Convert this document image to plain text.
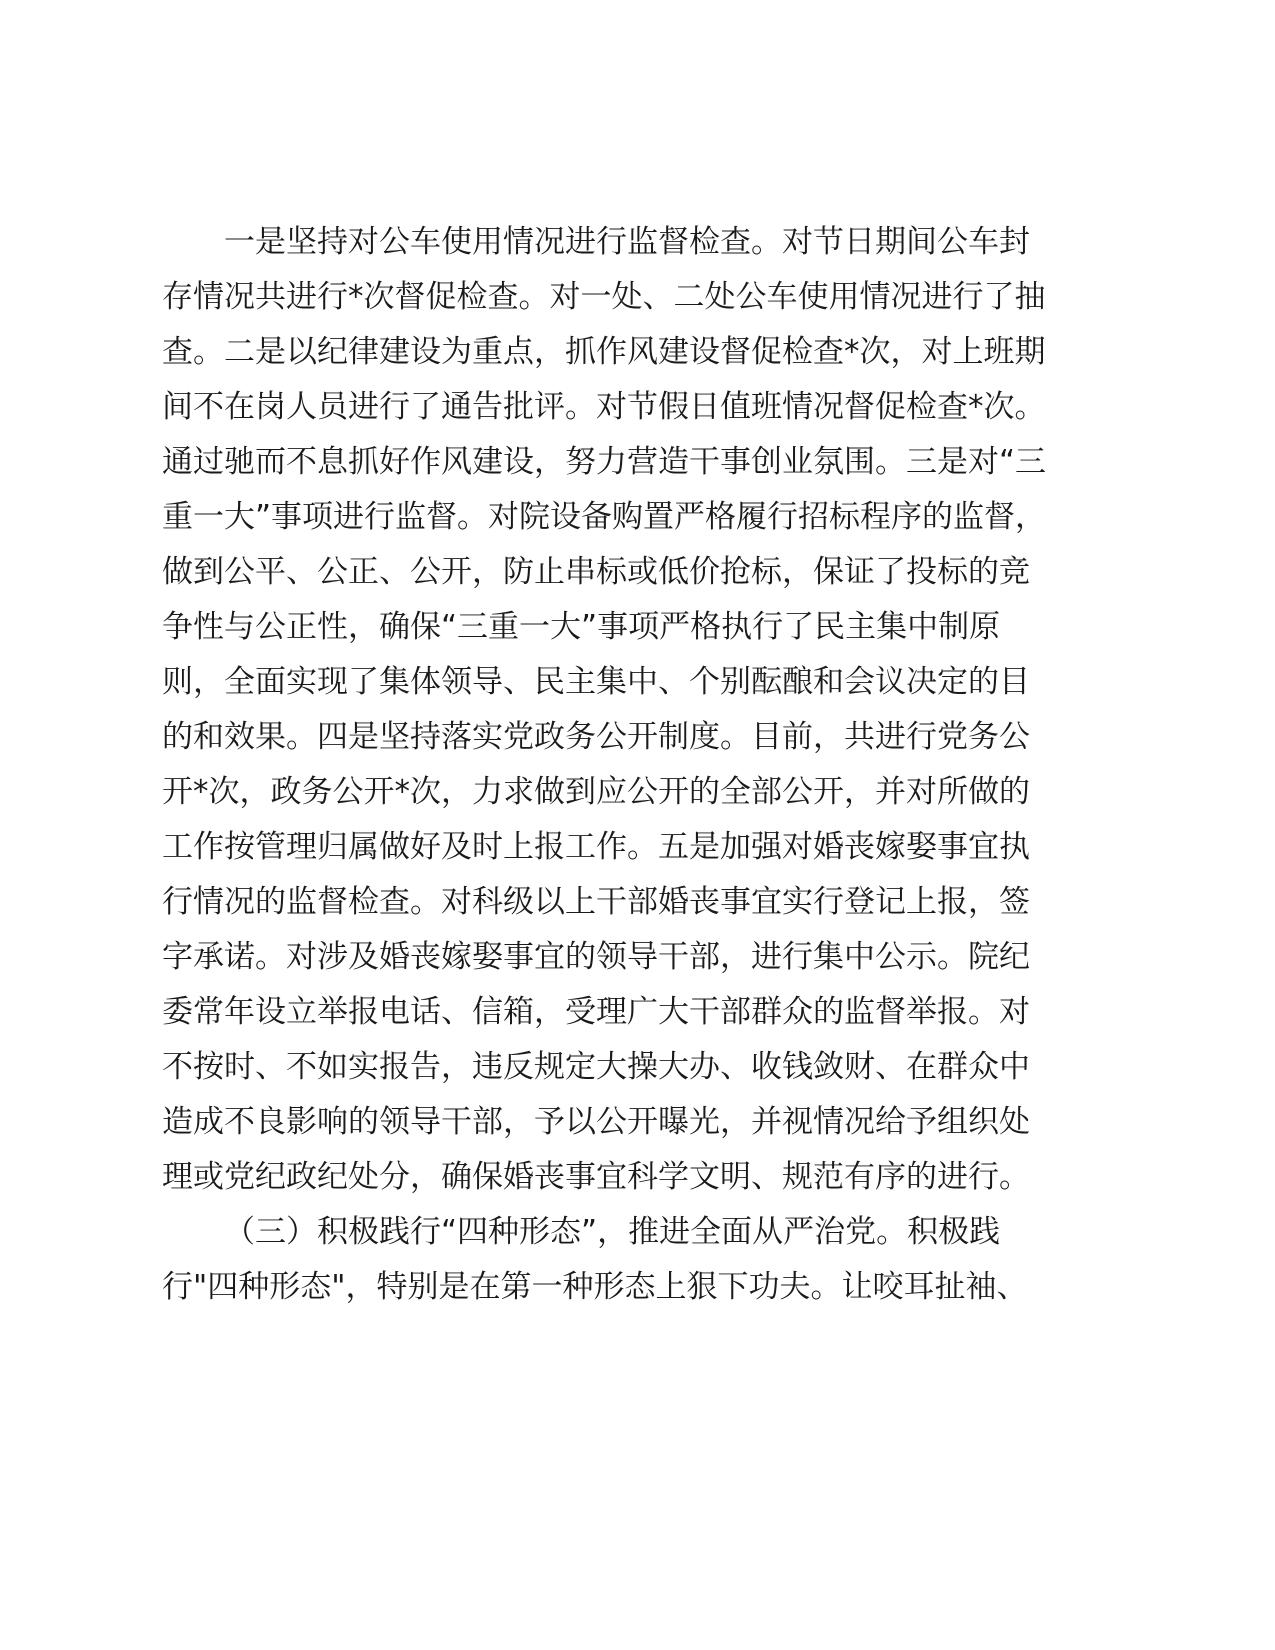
一是坚持对公车使用情况进行监督检查。对节日期间公车封

存情况共进行*次督促检查。对一处、二处公车使用情况进行了抽

查。二是以纪律建设为重点，抓作风建设督促检查*次，对上班期

间不在岗人员进行了通告批评。对节假日值班情况督促检查*次。

通过驰而不息抓好作风建设，努力营造干事创业氛围。三是对“三

重一大”事项进行监督。对院设备购置严格履行招标程序的监督，

做到公平、公正、公开，防止串标或低价抢标，保证了投标的竞

争性与公正性，确保“三重一大”事项严格执行了民主集中制原

则，全面实现了集体领导、民主集中、个别酝酿和会议决定的目

的和效果。四是坚持落实党政务公开制度。目前，共进行党务公

开*次，政务公开*次，力求做到应公开的全部公开，并对所做的

工作按管理归属做好及时上报工作。五是加强对婚丧嫁娶事宜执

行情况的监督检查。对科级以上干部婚丧事宜实行登记上报，签

字承诺。对涉及婚丧嫁娶事宜的领导干部，进行集中公示。院纪

委常年设立举报电话、信箱，受理广大干部群众的监督举报。对

不按时、不如实报告，违反规定大操大办、收钱敛财、在群众中

造成不良影响的领导干部，予以公开曝光，并视情况给予组织处

理或党纪政纪处分，确保婚丧事宜科学文明、规范有序的进行。

（三）积极践行“四种形态”，推进全面从严治党。积极践

行"四种形态"，特别是在第一种形态上狠下功夫。让咬耳扯袖、
